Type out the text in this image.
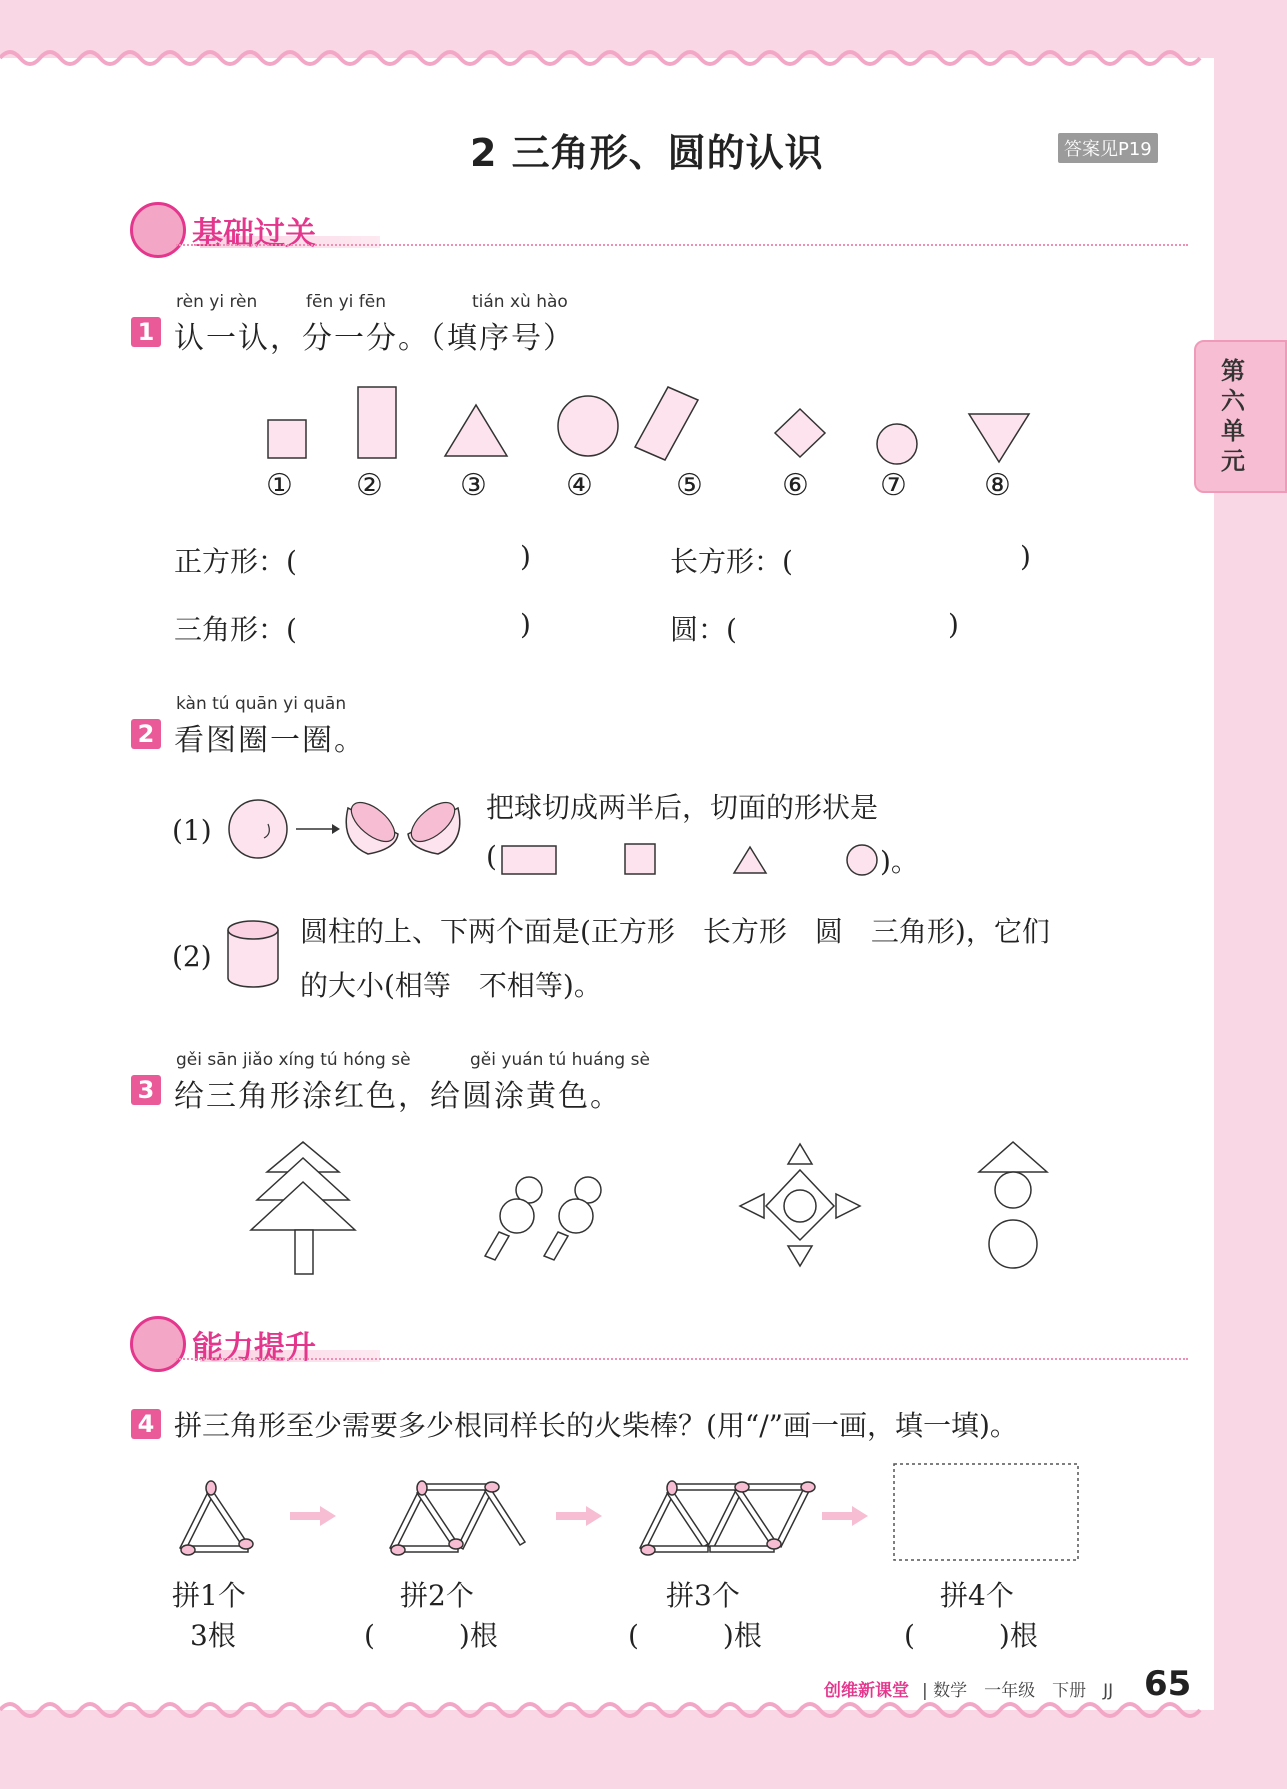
2 三角形、圆的认识	答案见P19
第六单元
基础过关
rèn yi rèn	fēn yi fēn	tián xù hào
1 认一认，分一分。（填序号）
① ②	③	④	⑤	⑥ ⑦	⑧
正方形：(	)	长方形：(	)
三角形：(	)	圆：(	)
kàn tú quān yi quān
2 看图圈一圈。
(1)
把球切成两半后，切面的形状是
(	)。
(2)
圆柱的上、下两个面是(正方形　长方形　圆　三角形)，它们
的大小(相等　不相等)。
gěi sān jiǎo xíng tú hóng sè	gěi yuán tú huáng sè
3 给三角形涂红色，给圆涂黄色。
能力提升
4 拼三角形至少需要多少根同样长的火柴棒？(用“/”画一画，填一填)。
拼1个
3根
拼2个
(　　　)根
拼3个
(　　　)根
拼4个
(　　　)根
创维新课堂 | 数学　一年级　下册　JJ 65
